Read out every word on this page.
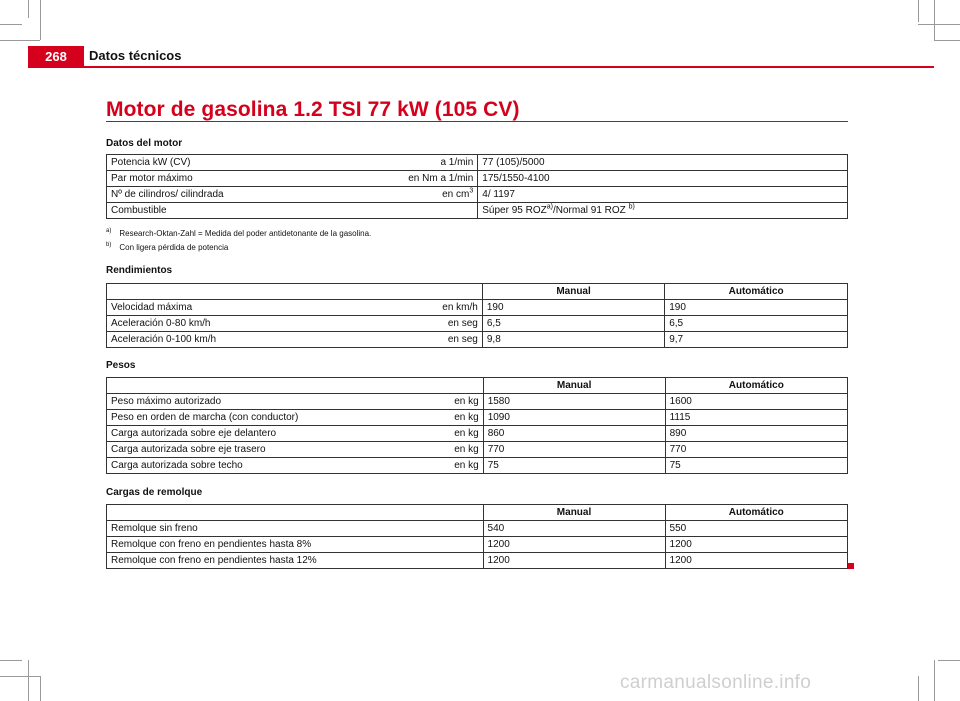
268	Datos técnicos
Motor de gasolina 1.2 TSI 77 kW (105 CV)
Datos del motor
Potencia kW (CV)	a 1/min	77 (105)/5000
Par motor máximo	en Nm a 1/min	175/1550-4100
Nº de cilindros/ cilindrada	en $cm^3$	4/ 1197
Combustible		Súper 95 ROZ$^{a)}$/Normal 91 ROZ $^{b)}$
$^{a)}$ Research-Oktan-Zahl = Medida del poder antidetonante de la gasolina.
$^{b)}$ Con ligera pérdida de potencia
Rendimientos
		Manual	Automático
Velocidad máxima	en km/h	190	190
Aceleración 0-80 km/h	en seg	6,5	6,5
Aceleración 0-100 km/h	en seg	9,8	9,7
Pesos
		Manual	Automático
Peso máximo autorizado	en kg	1580	1600
Peso en orden de marcha (con conductor)	en kg	1090	1115
Carga autorizada sobre eje delantero	en kg	860	890
Carga autorizada sobre eje trasero	en kg	770	770
Carga autorizada sobre techo	en kg	75	75
Cargas de remolque
	Manual	Automático
Remolque sin freno	540	550
Remolque con freno en pendientes hasta 8%	1200	1200
Remolque con freno en pendientes hasta 12%	1200	1200
carmanualsonline.info
